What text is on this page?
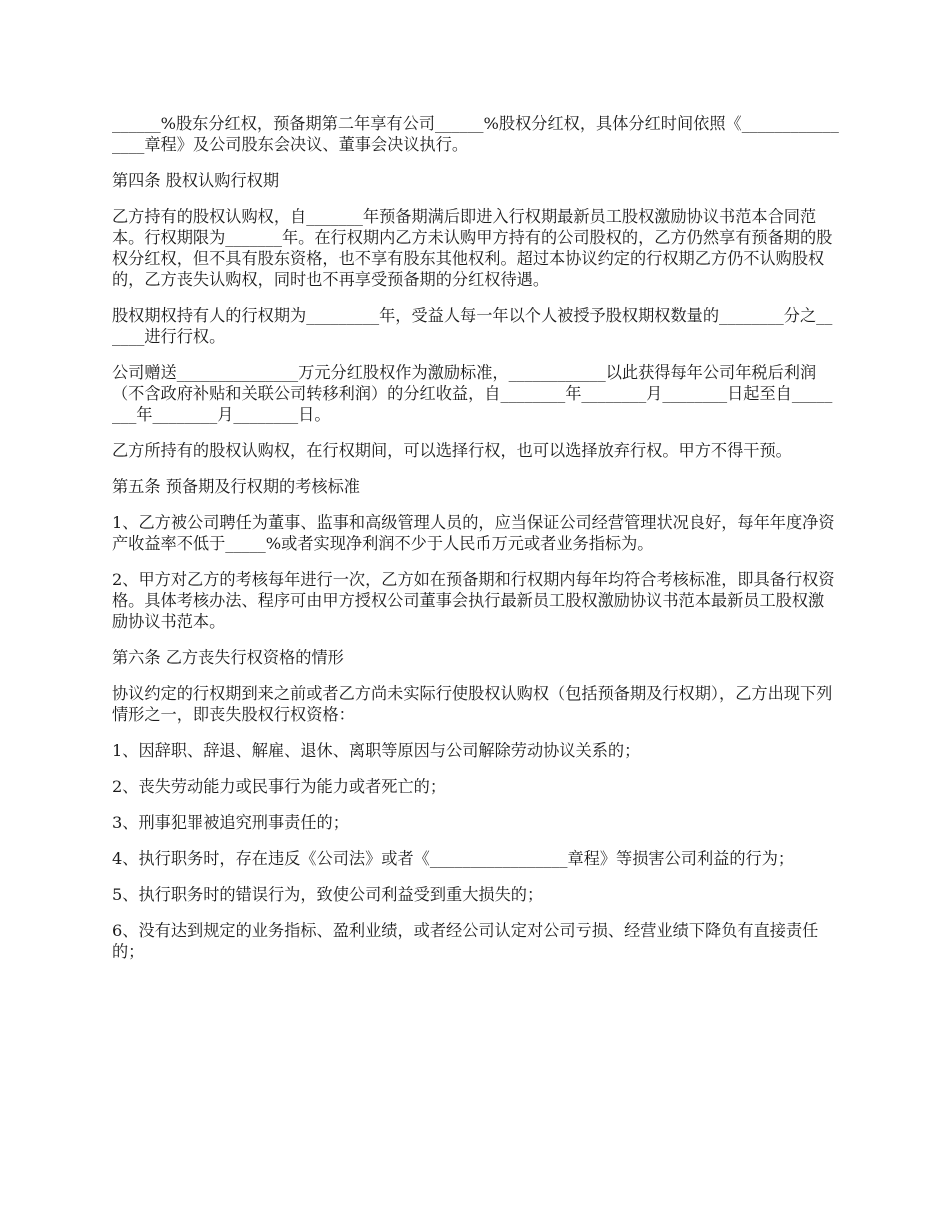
______%股东分红权，预备期第二年享有公司______%股权分红权，具体分红时间依照《________________章程》及公司股东会决议、董事会决议执行。

第四条 股权认购行权期

乙方持有的股权认购权，自_______年预备期满后即进入行权期最新员工股权激励协议书范本合同范本。行权期限为_______年。在行权期内乙方未认购甲方持有的公司股权的，乙方仍然享有预备期的股权分红权，但不具有股东资格，也不享有股东其他权利。超过本协议约定的行权期乙方仍不认购股权的，乙方丧失认购权，同时也不再享受预备期的分红权待遇。

股权期权持有人的行权期为_________年，受益人每一年以个人被授予股权期权数量的________分之______进行行权。

公司赠送_______________万元分红股权作为激励标准，____________以此获得每年公司年税后利润（不含政府补贴和关联公司转移利润）的分红收益，自________年________月________日起至自________年________月________日。

乙方所持有的股权认购权，在行权期间，可以选择行权，也可以选择放弃行权。甲方不得干预。

第五条 预备期及行权期的考核标准

1、乙方被公司聘任为董事、监事和高级管理人员的，应当保证公司经营管理状况良好，每年年度净资产收益率不低于_____%或者实现净利润不少于人民币万元或者业务指标为。

2、甲方对乙方的考核每年进行一次，乙方如在预备期和行权期内每年均符合考核标准，即具备行权资格。具体考核办法、程序可由甲方授权公司董事会执行最新员工股权激励协议书范本最新员工股权激励协议书范本。

第六条 乙方丧失行权资格的情形

协议约定的行权期到来之前或者乙方尚未实际行使股权认购权（包括预备期及行权期），乙方出现下列情形之一，即丧失股权行权资格：

1、因辞职、辞退、解雇、退休、离职等原因与公司解除劳动协议关系的；

2、丧失劳动能力或民事行为能力或者死亡的；

3、刑事犯罪被追究刑事责任的；

4、执行职务时，存在违反《公司法》或者《_________________章程》等损害公司利益的行为；

5、执行职务时的错误行为，致使公司利益受到重大损失的；

6、没有达到规定的业务指标、盈利业绩，或者经公司认定对公司亏损、经营业绩下降负有直接责任的；
